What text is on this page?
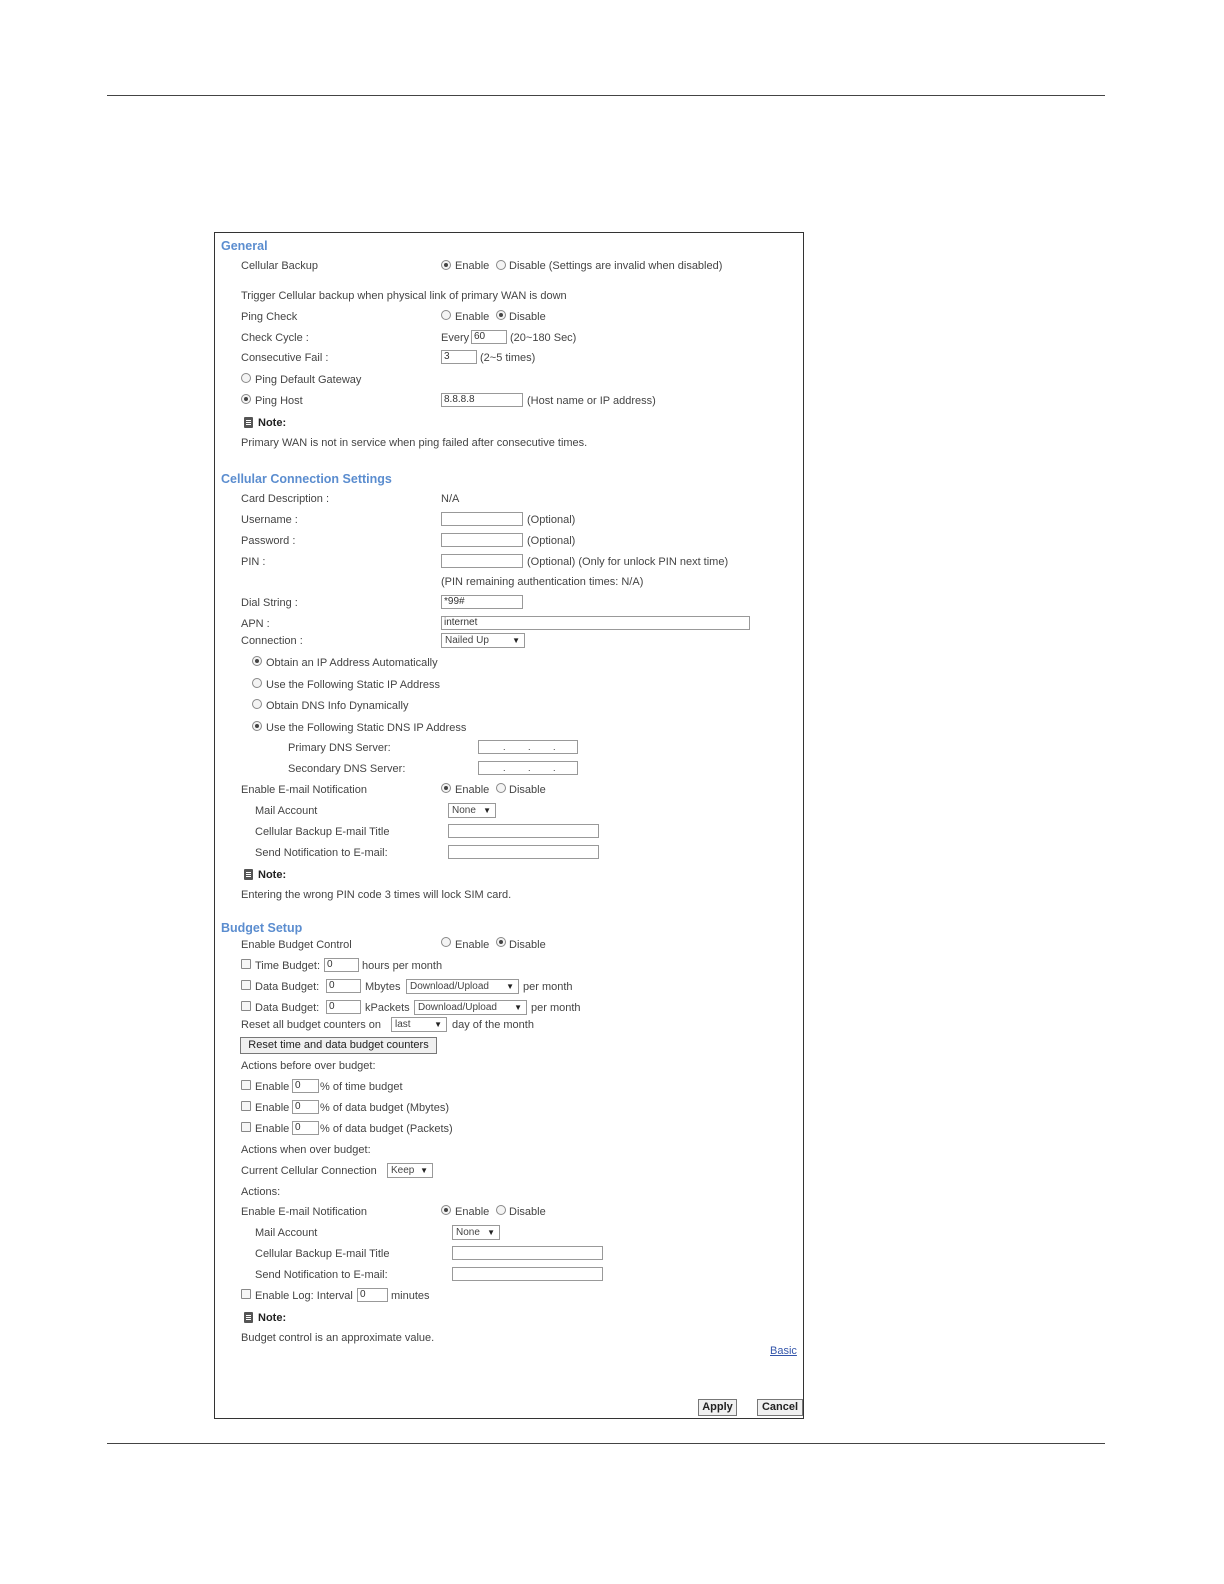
General
Cellular Backup	Enable Disable (Settings are invalid when disabled)
Trigger Cellular backup when physical link of primary WAN is down
Ping Check	Enable Disable
Check Cycle :	Every 60	(20~180 Sec)
Consecutive Fail :	3	(2~5 times)
Ping Default Gateway
Ping Host	8.8.8.8	(Host name or IP address)
Note:
Primary WAN is not in service when ping failed after consecutive times.
Cellular Connection Settings
Card Description :	N/A
Username :	(Optional)
Password :	(Optional)
PIN :	(Optional) (Only for unlock PIN next time)
(PIN remaining authentication times: N/A)
Dial String :	*99#
APN :	internet
Connection :	Nailed Up	▼
Obtain an IP Address Automatically
Use the Following Static IP Address
Obtain DNS Info Dynamically
Use the Following Static DNS IP Address
Primary DNS Server:	. . .
Secondary DNS Server:	. . .
Enable E-mail Notification	Enable Disable
Mail Account	None ▼
Cellular Backup E-mail Title
Send Notification to E-mail:
Note:
Entering the wrong PIN code 3 times will lock SIM card.
Budget Setup
Enable Budget Control	Enable Disable
Time Budget: 0	hours per month
Data Budget: 0	Mbytes Download/Upload ▼ per month
Data Budget: 0	kPackets Download/Upload ▼ per month
Reset all budget counters on	last	▼ day of the month
Reset time and data budget counters
Actions before over budget:
Enable 0	% of time budget
Enable 0	% of data budget (Mbytes)
Enable 0	% of data budget (Packets)
Actions when over budget:
Current Cellular Connection	Keep ▼
Actions:
Enable E-mail Notification	Enable Disable
Mail Account	None ▼
Cellular Backup E-mail Title
Send Notification to E-mail:
Enable Log: Interval 0	minutes
Note:
Budget control is an approximate value.
Basic
Apply	Cancel
